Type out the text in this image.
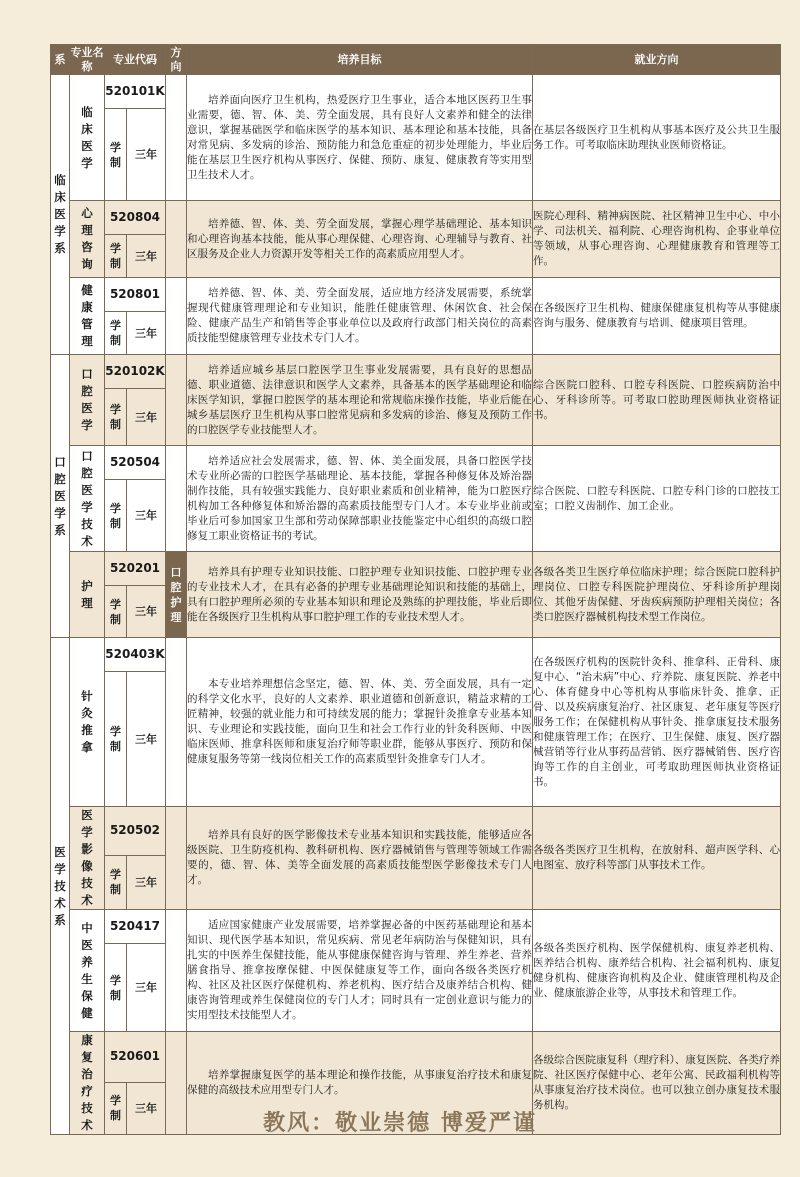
系	专业名称	专业代码		方向	培养目标	就业方向
临床医学系	临床医学	520101K			培养面向医疗卫生机构，热爱医疗卫生事业，适合本地区医药卫生事业需要，德、智、体、美、劳全面发展，具有良好人文素养和健全的法律意识，掌握基础医学和临床医学的基本知识、基本理论和基本技能，具备对常见病、多发病的诊治、预防能力和急危重症的初步处理能力，毕业后能在基层卫生医疗机构从事医疗、保健、预防、康复、健康教育等实用型卫生技术人才。	在基层各级医疗卫生机构从事基本医疗及公共卫生服务工作。可考取临床助理执业医师资格证。
		学制	三年			
	心理咨询	520804			培养德、智、体、美、劳全面发展，掌握心理学基础理论、基本知识和心理咨询基本技能，能从事心理保健、心理咨询、心理辅导与教育、社区服务及企业人力资源开发等相关工作的高素质应用型人才。	医院心理科、精神病医院、社区精神卫生中心、中小学、司法机关、福利院、心理咨询机构、企事业单位等领域，从事心理咨询、心理健康教育和管理等工作。
		学制	三年			
	健康管理	520801			培养德、智、体、美、劳全面发展，适应地方经济发展需要，系统掌握现代健康管理理论和专业知识，能胜任健康管理、休闲饮食、社会保险、健康产品生产和销售等企事业单位以及政府行政部门相关岗位的高素质技能型健康管理专业技术专门人才。	在各级医疗卫生机构、健康保健康复机构等从事健康咨询与服务、健康教育与培训、健康项目管理。
		学制	三年			
口腔医学系	口腔医学	520102K			培养适应城乡基层口腔医学卫生事业发展需要，具有良好的思想品德、职业道德、法律意识和医学人文素养，具备基本的医学基础理论和临床医学知识，掌握口腔医学的基本理论和常规临床操作技能，毕业后能在城乡基层医疗卫生机构从事口腔常见病和多发病的诊治、修复及预防工作的口腔医学专业技能型人才。	综合医院口腔科、口腔专科医院、口腔疾病防治中心、牙科诊所等。可考取口腔助理医师执业资格证书。
		学制	三年			
	口腔医学技术	520504			培养适应社会发展需求，德、智、体、美全面发展，具备口腔医学技术专业所必需的口腔医学基础理论、基本技能，掌握各种修复体及矫治器制作技能，具有较强实践能力、良好职业素质和创业精神，能为口腔医疗机构加工各种修复体和矫治器的高素质技能型专门人才。本专业毕业前或毕业后可参加国家卫生部和劳动保障部职业技能鉴定中心组织的高级口腔修复工职业资格证书的考试。	综合医院、口腔专科医院、口腔专科门诊的口腔技工室；口腔义齿制作、加工企业。
		学制	三年			
	护理	520201		口腔护理	培养具有护理专业知识技能、口腔护理专业知识技能、口腔护理专业的专业技术人才，在具有必备的护理专业基础理论知识和技能的基础上，具有口腔护理所必须的专业基本知识和理论及熟练的护理技能，毕业后即能在各级医疗卫生机构从事口腔护理工作的专业技术型人才。	各级各类卫生医疗单位临床护理；综合医院口腔科护理岗位、口腔专科医院护理岗位、牙科诊所护理岗位、其他牙齿保健、牙齿疾病预防护理相关岗位；各类口腔医疗器械机构技术型工作岗位。
		学制	三年			
医学技术系	针灸推拿	520403K			本专业培养理想信念坚定，德、智、体、美、劳全面发展，具有一定的科学文化水平，良好的人文素养、职业道德和创新意识，精益求精的工匠精神，较强的就业能力和可持续发展的能力；掌握针灸推拿专业基本知识、专业理论和实践技能，面向卫生和社会工作行业的针灸科医师、中医临床医师、推拿科医师和康复治疗师等职业群，能够从事医疗、预防和保健康复服务等第一线岗位相关工作的高素质型针灸推拿专门人才。	在各级医疗机构的医院针灸科、推拿科、正骨科、康复中心、“治未病”中心、疗养院、康复医院、养老中心、体育健身中心等机构从事临床针灸、推拿、正骨、以及疾病康复治疗、社区康复、老年康复等医疗服务工作；在保健机构从事针灸、推拿康复技术服务和健康管理工作；在医疗、卫生保健、康复、医疗器械营销等行业从事药品营销、医疗器械销售、医疗咨询等工作的自主创业，可考取助理医师执业资格证书。
		学制	三年			
	医学影像技术	520502			培养具有良好的医学影像技术专业基本知识和实践技能，能够适应各级医院、卫生防疫机构、教科研机构、医疗器械销售与管理等领域工作需要的，德、智、体、美等全面发展的高素质技能型医学影像技术专门人才。	各级各类医疗卫生机构，在放射科、超声医学科、心电图室、放疗科等部门从事技术工作。
		学制	三年			
	中医养生保健	520417			适应国家健康产业发展需要，培养掌握必备的中医药基础理论和基本知识、现代医学基本知识，常见疾病、常见老年病防治与保健知识，具有扎实的中医养生保健技能，能从事健康保健咨询与管理、养生养老、营养膳食指导、推拿按摩保健、中医保健康复等工作，面向各级各类医疗机构、社区及社区医疗保健机构、养老机构、医疗结合及康养结合机构、健康咨询管理或养生保健岗位的专门人才；同时具有一定创业意识与能力的实用型技术技能型人才。	各级各类医疗机构、医学保健机构、康复养老机构、医养结合机构、康养结合机构、社会福利机构、康复健身机构、健康咨询机构及企业、健康管理机构及企业、健康旅游企业等，从事技术和管理工作。
		学制	三年			
	康复治疗技术	520601			培养掌握康复医学的基本理论和操作技能，从事康复治疗技术和康复保健的高级技术应用型专门人才。	各级综合医院康复科（理疗科）、康复医院、各类疗养院、社区医疗保健中心、老年公寓、民政福利机构等从事康复治疗技术岗位。也可以独立创办康复技术服务机构。
		学制	三年			
教风：敬业崇德 博爱严谨
